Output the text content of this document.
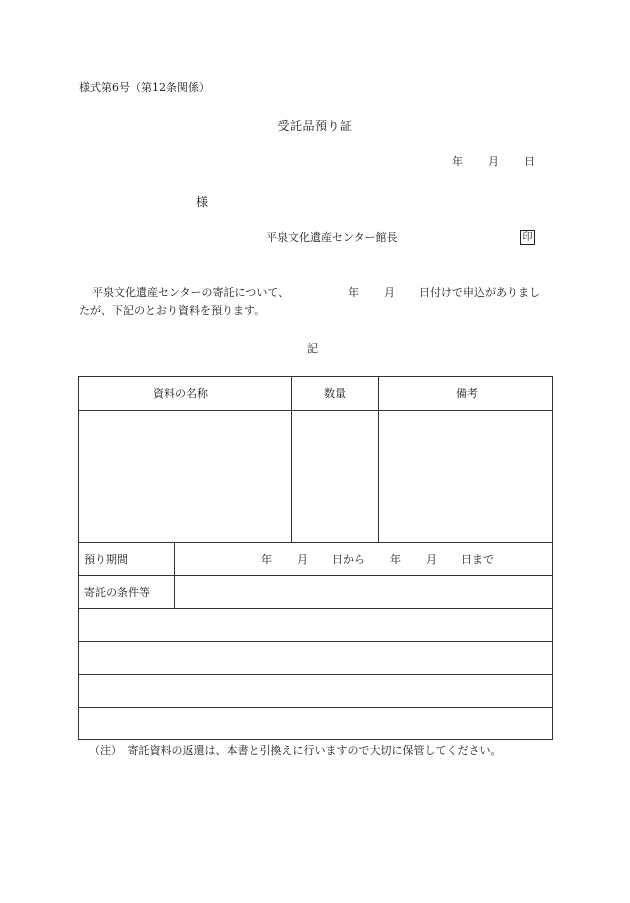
様式第6号（第12条関係）
受託品預り証
年 月 日
様
平泉文化遺産センター館長	印
平泉文化遺産センターの寄託について、	年 月 日付けで申込がありまし
たが、下記のとおり資料を預ります。
記
資料の名称	数量	備考
預り期間	年 月 日から 年 月 日まで
寄託の条件等
（注）　寄託資料の返還は、本書と引換えに行いますので大切に保管してください。
